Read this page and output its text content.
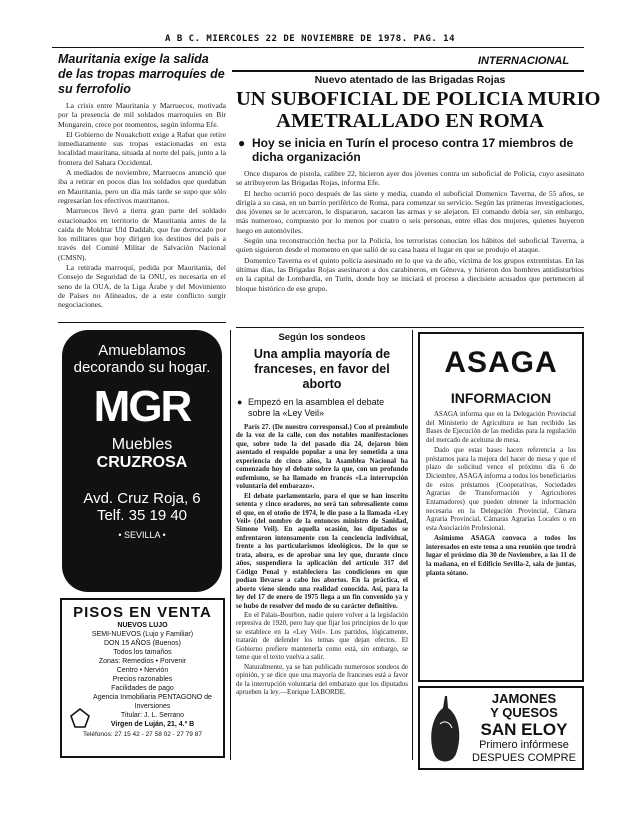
A B C. MIERCOLES 22 DE NOVIEMBRE DE 1978. PAG. 14
INTERNACIONAL
Mauritania exige la salida de las tropas marroquíes de su ferrofolio

La crisis entre Mauritania y Marruecos, motivada por la presencia de mil soldados marroquíes en Bir Mongarein, crece por momentos, según informa Efe.

El Gobierno de Nouakchott exige a Rabat que retire inmediatamente sus tropas estacionadas en esta localidad mauritana, situada al norte del país, junto a la frontera del Sahara Occidental.

A mediados de noviembre, Marruecos anunció que iba a retirar en pocos días los soldados que quedaban en Mauritania, pero un día más tarde se supo que sólo regresarían los efectivos mauritanos.

Marruecos llevó a tierra gran parte del soldado estacionados en territorio de Mauritania antes de la caída de Mokhtar Uld Daddah, que fue derrocado por los militares que hoy dirigen los destinos del país a través del Comité Militar de Salvación Nacional (CMSN).

La retirada marroquí, pedida por Mauritania, del Consejo de Seguridad de la ONU, es necesaria en el seno de la OUA, de la Liga Árabe y del Movimiento de Países no Alineados, de a este conflicto surgir negociaciones.

Amueblamos
decorando su hogar.
MGR
Muebles
CRUZROSA
Avd. Cruz Roja, 6
Telf. 35 19 40
• SEVILLA •
PISOS EN VENTA
NUEVOS LUJO
SEMI-NUEVOS (Lujo y Familiar)
DON 15 AÑOS (Buenos)
Todos los tamaños
Zonas: Remedios • Porvenir
Centro • Nervión
Precios razonables
Facilidades de pago
Agencia Inmobiliaria PENTAGONO de Inversiones
Titular: J. L. Serrano
Virgen de Luján, 21, 4.º B
Teléfonos: 27 15 42 - 27 58 02 - 27 79 87
Nuevo atentado de las Brigadas Rojas
UN SUBOFICIAL DE POLICIA MURIO
AMETRALLADO EN ROMA
● Hoy se inicia en Turín el proceso contra 17 miembros de dicha organización

Once disparos de pistola, calibre 22, hicieron ayer dos jóvenes contra un suboficial de Policía, cuyo asesinato se atribuyeron las Brigadas Rojas, informa Efe.

El hecho ocurrió poco después de las siete y media, cuando el suboficial Domenico Taverna, de 55 años, se dirigía a su casa, en un barrio periférico de Roma, para comenzar su servicio. Según las primeras investigaciones, dos jóvenes se le acercaron, le dispararon, sacaron las armas y se alejaron. El comando debía ser, sin embargo, más numeroso, compuesto por lo menos por cuatro o seis personas, entre ellas dos mujeres, quienes huyeron luego en automóviles.

Según una reconstrucción hecha por la Policía, los terroristas conocían los hábitos del suboficial Taverna, a quien siguieron desde el momento en que salió de su casa hasta el lugar en que se produjo el ataque.

Domenico Taverna es el quinto policía asesinado en lo que va de año, víctima de los grupos extremistas. En las últimas días, las Brigadas Rojas asesinaron a dos carabineros, en Génova, y hirieron dos hombres antidisturbios en la capital de Lombardía, en Turín, donde hoy se iniciará el proceso a diecisiete acusados que pertenecen al bloque histórico de ese grupo.

Según los sondeos
Una amplia mayoría de franceses, en favor del aborto
● Empezó en la asamblea el debate sobre la «Ley Veil»

París 27. (De nuestro corresponsal.) Con el preámbulo de la voz de la calle, con dos notables manifestaciones que, sobre todo la del pasado día 24, dejaron bien asentado el respaldo popular a una ley sometida a una experiencia de cinco años, la Asamblea Nacional ha comenzado hoy el debate sobre la que, con un profundo eufemismo, se ha llamado en francés «La interrupción voluntaria del embarazo».

El debate parlamentario, para el que se han inscrito setenta y cinco oradores, no será tan sobresaliente como el que, en el otoño de 1974, le dio paso a la llamada «Ley Veil» (del nombre de la entonces ministro de Sanidad, Simone Veil). En aquella ocasión, los diputados se enfrentaron intensamente con la conciencia individual, frente a los particularismos ideológicos. De lo que se trata, ahora, es de aprobar una ley que, durante cinco años, suspendiera la aplicación del artículo 317 del Código Penal y estableciera las condiciones en que podían llevarse a cabo los abortos. En la práctica, el aborto viene siendo una realidad conocida. Así, para la ley del 17 de enero de 1975 llega a un fin convenido ya y se hubo de resolver del modo de su carácter definitivo.

En el Palais-Bourbon, nadie quiere volver a la legislación represiva de 1920, pero hay que fijar los principios de lo que se establece en la «Ley Veil». Los partidos, lógicamente, tratarán de defender los temas que dejan efectos. El Gobierno prefiere mantenerla como está, sin embargo, se teme que el texto vuelva a salir.

Naturalmente, ya se han publicado numerosos sondeos de opinión, y se dice que una mayoría de franceses está a favor de la interrupción voluntaria del embarazo que los diputados aprueben la ley.—Enrique LABORDE.

ASAGA
INFORMACION

ASAGA informa que en la Delegación Provincial del Ministerio de Agricultura se han recibido las Bases de Ejecución de las medidas para la regulación del mercado de aceituna de mesa.

Dado que estas bases hacen referencia a los préstamos para la mejora del hacer de mesa y que el plazo de solicitud vence el próximo día 6 de Diciembre, ASAGA informa a todos los beneficiarios de estos préstamos (Cooperativas, Sociedades Agrarias de Transformación y Agricultores Entamadores) que pueden obtener la información necesaria en la Delegación Provincial, Cámara Agraria Provincial, Cámaras Agrarias Locales o en esta Asociación Profesional.

Asimismo ASAGA convoca a todos los interesados en este tema a una reunión que tendrá lugar el próximo día 30 de Noviembre, a las 11 de la mañana, en el Edificio Sevilla-2, sala de juntas, planta sótano.

JAMONES
Y QUESOS
SAN ELOY
Primero infórmese
DESPUES COMPRE
